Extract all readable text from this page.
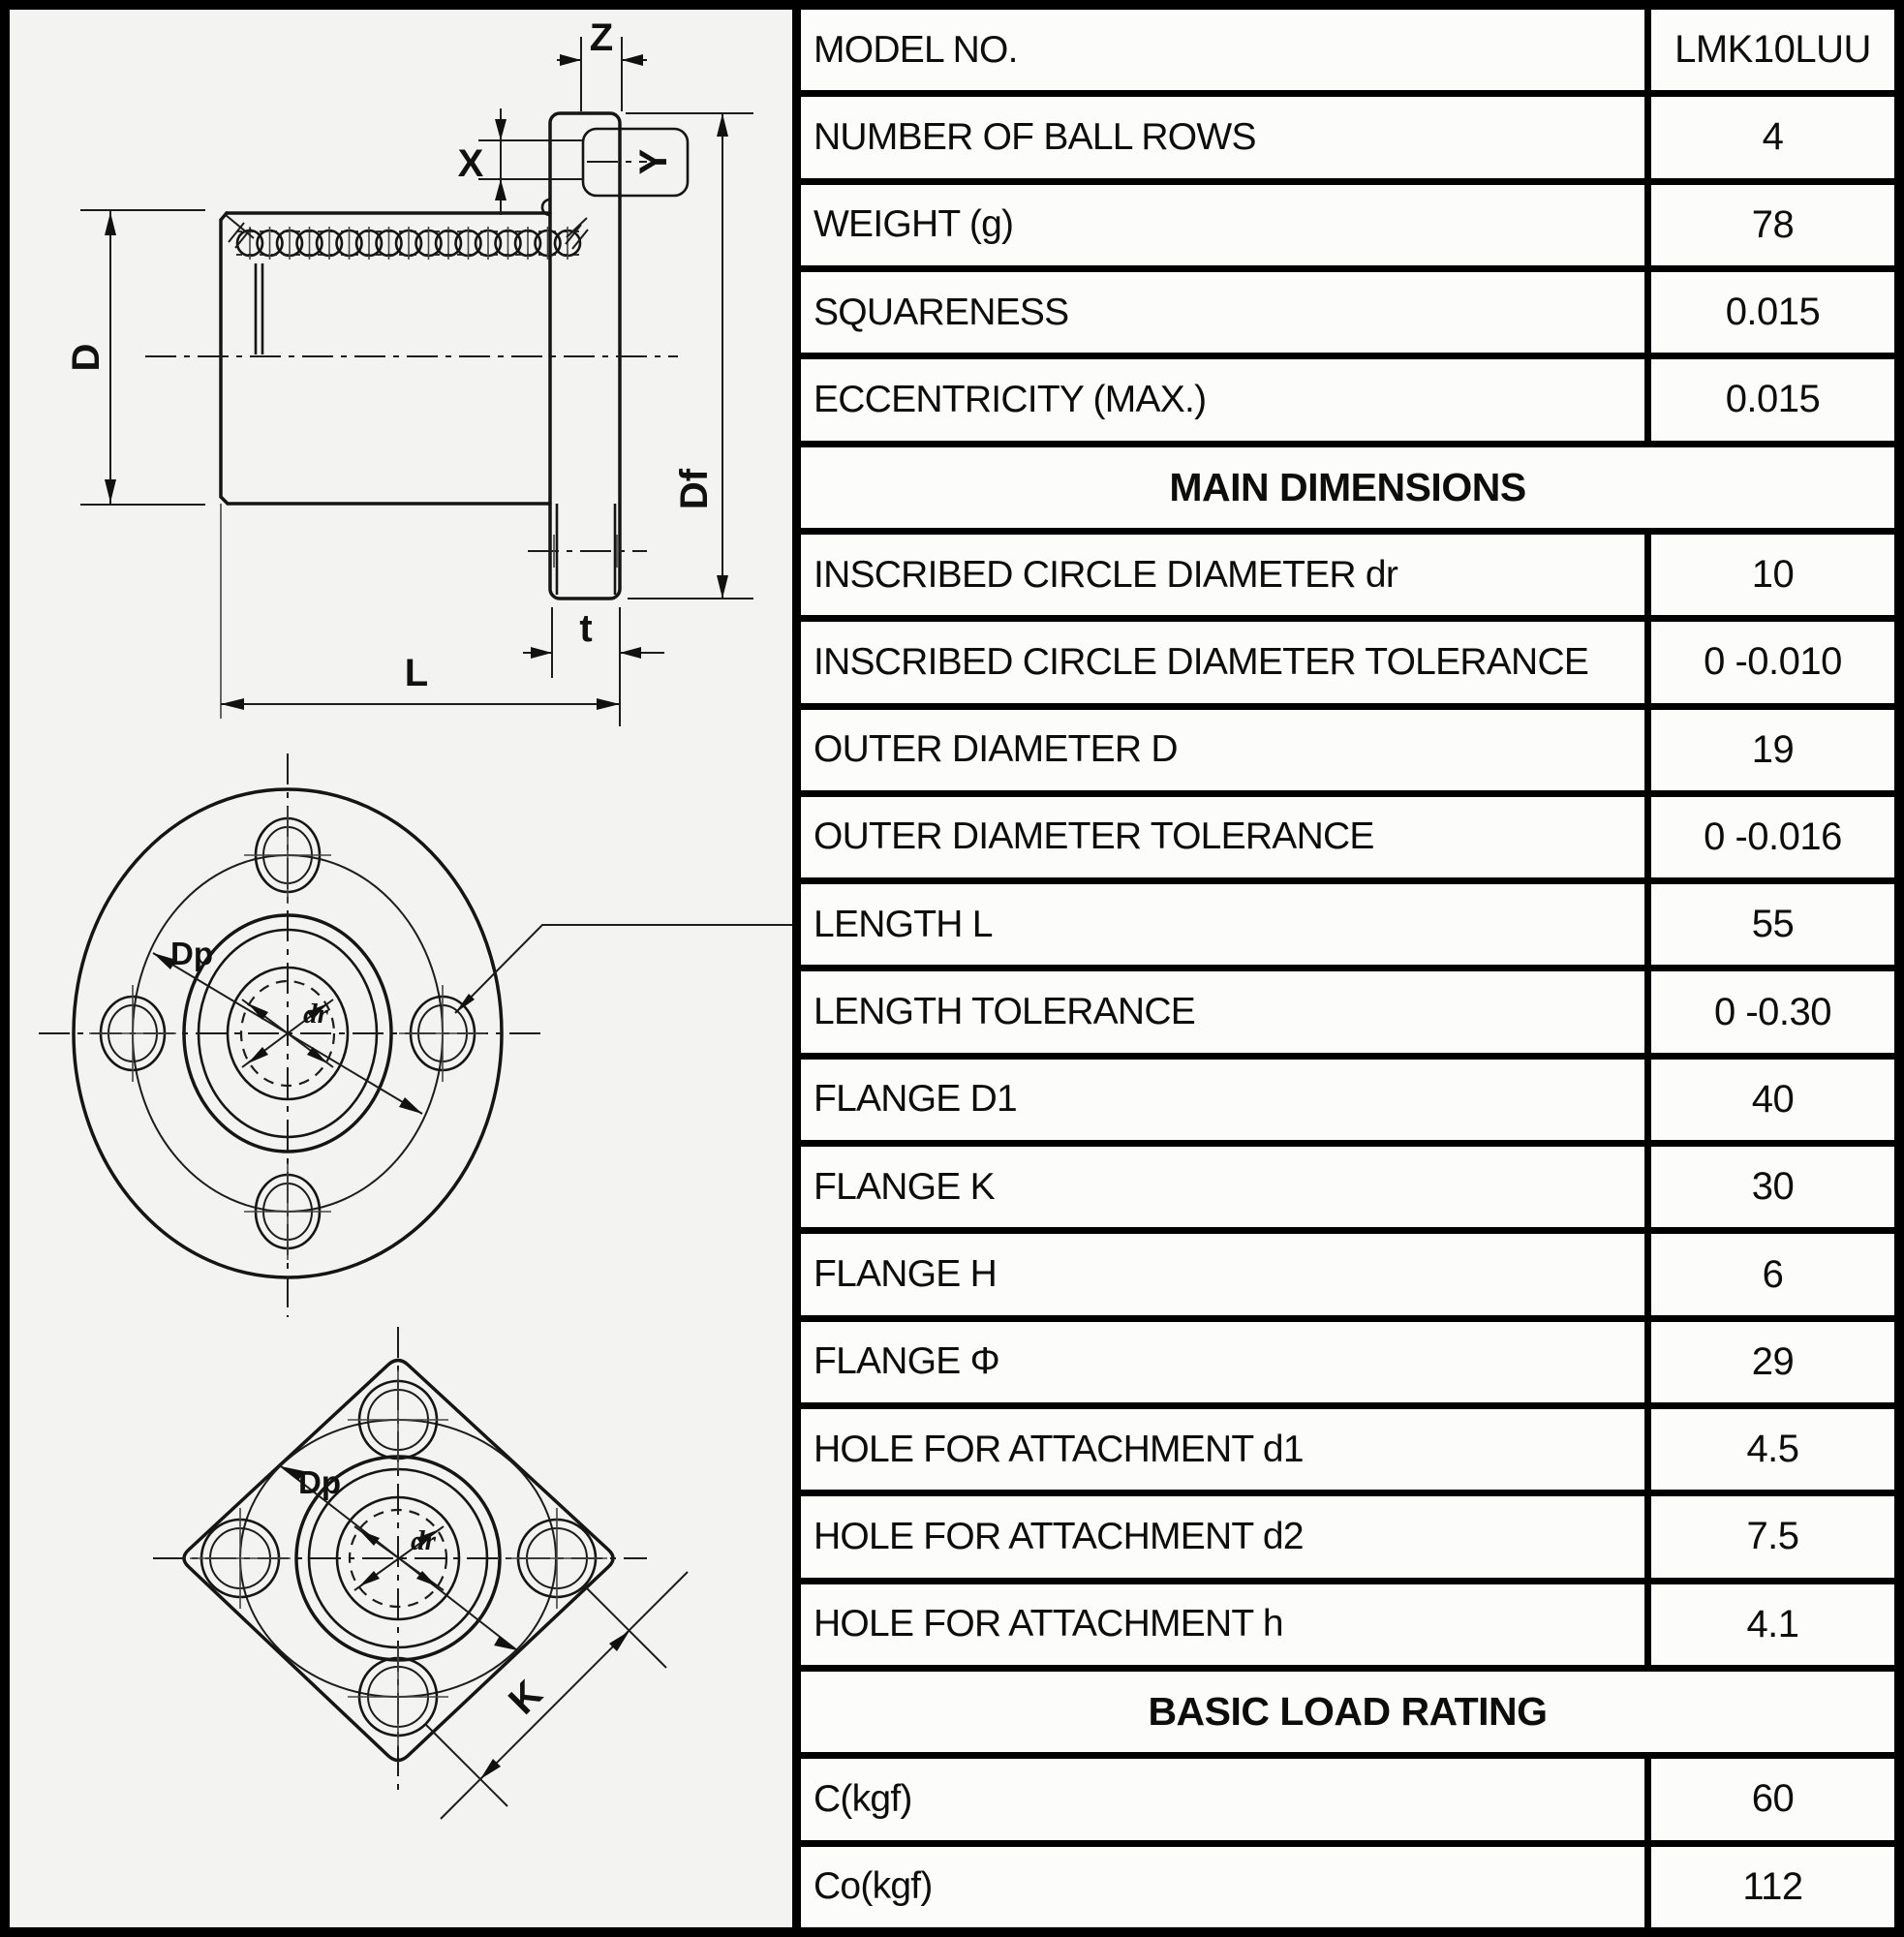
Z
X	Y
D
Df
t
L
Dp
dr
Dp
dr
K
MODEL NO.	LMK10LUU
NUMBER OF BALL ROWS	4
WEIGHT (g)	78
SQUARENESS	0.015
ECCENTRICITY (MAX.)	0.015
MAIN DIMENSIONS
INSCRIBED CIRCLE DIAMETER dr	10
INSCRIBED CIRCLE DIAMETER TOLERANCE	0 -0.010
OUTER DIAMETER D	19
OUTER DIAMETER TOLERANCE	0 -0.016
LENGTH L	55
LENGTH TOLERANCE	0 -0.30
FLANGE D1	40
FLANGE K	30
FLANGE H	6
FLANGE Φ	29
HOLE FOR ATTACHMENT d1	4.5
HOLE FOR ATTACHMENT d2	7.5
HOLE FOR ATTACHMENT h	4.1
BASIC LOAD RATING
C(kgf)	60
Co(kgf)	112
